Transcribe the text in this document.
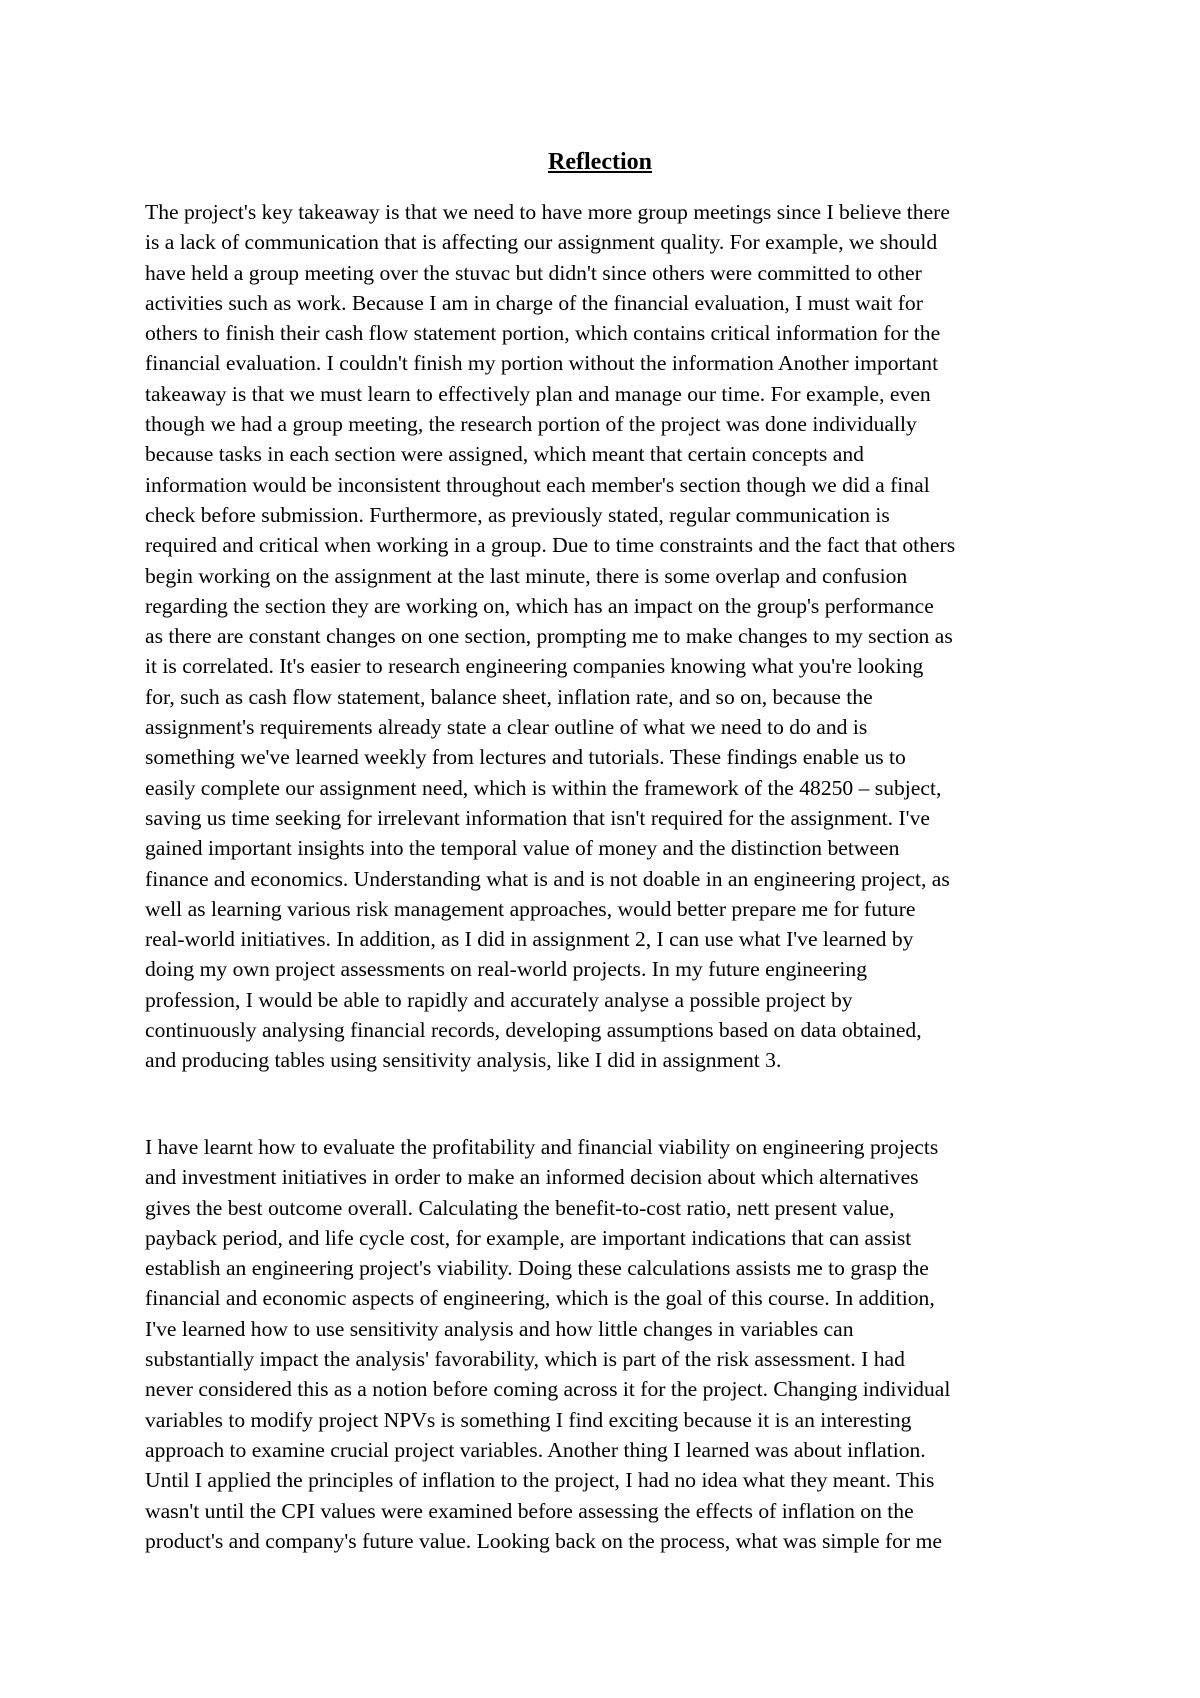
Reflection
The project's key takeaway is that we need to have more group meetings since I believe there
is a lack of communication that is affecting our assignment quality. For example, we should
have held a group meeting over the stuvac but didn't since others were committed to other
activities such as work. Because I am in charge of the financial evaluation, I must wait for
others to finish their cash flow statement portion, which contains critical information for the
financial evaluation. I couldn't finish my portion without the information Another important
takeaway is that we must learn to effectively plan and manage our time. For example, even
though we had a group meeting, the research portion of the project was done individually
because tasks in each section were assigned, which meant that certain concepts and
information would be inconsistent throughout each member's section though we did a final
check before submission. Furthermore, as previously stated, regular communication is
required and critical when working in a group. Due to time constraints and the fact that others
begin working on the assignment at the last minute, there is some overlap and confusion
regarding the section they are working on, which has an impact on the group's performance
as there are constant changes on one section, prompting me to make changes to my section as
it is correlated. It's easier to research engineering companies knowing what you're looking
for, such as cash flow statement, balance sheet, inflation rate, and so on, because the
assignment's requirements already state a clear outline of what we need to do and is
something we've learned weekly from lectures and tutorials. These findings enable us to
easily complete our assignment need, which is within the framework of the 48250 – subject,
saving us time seeking for irrelevant information that isn't required for the assignment. I've
gained important insights into the temporal value of money and the distinction between
finance and economics. Understanding what is and is not doable in an engineering project, as
well as learning various risk management approaches, would better prepare me for future
real-world initiatives. In addition, as I did in assignment 2, I can use what I've learned by
doing my own project assessments on real-world projects. In my future engineering
profession, I would be able to rapidly and accurately analyse a possible project by
continuously analysing financial records, developing assumptions based on data obtained,
and producing tables using sensitivity analysis, like I did in assignment 3.
I have learnt how to evaluate the profitability and financial viability on engineering projects
and investment initiatives in order to make an informed decision about which alternatives
gives the best outcome overall. Calculating the benefit-to-cost ratio, nett present value,
payback period, and life cycle cost, for example, are important indications that can assist
establish an engineering project's viability. Doing these calculations assists me to grasp the
financial and economic aspects of engineering, which is the goal of this course. In addition,
I've learned how to use sensitivity analysis and how little changes in variables can
substantially impact the analysis' favorability, which is part of the risk assessment. I had
never considered this as a notion before coming across it for the project. Changing individual
variables to modify project NPVs is something I find exciting because it is an interesting
approach to examine crucial project variables. Another thing I learned was about inflation.
Until I applied the principles of inflation to the project, I had no idea what they meant. This
wasn't until the CPI values were examined before assessing the effects of inflation on the
product's and company's future value. Looking back on the process, what was simple for me
